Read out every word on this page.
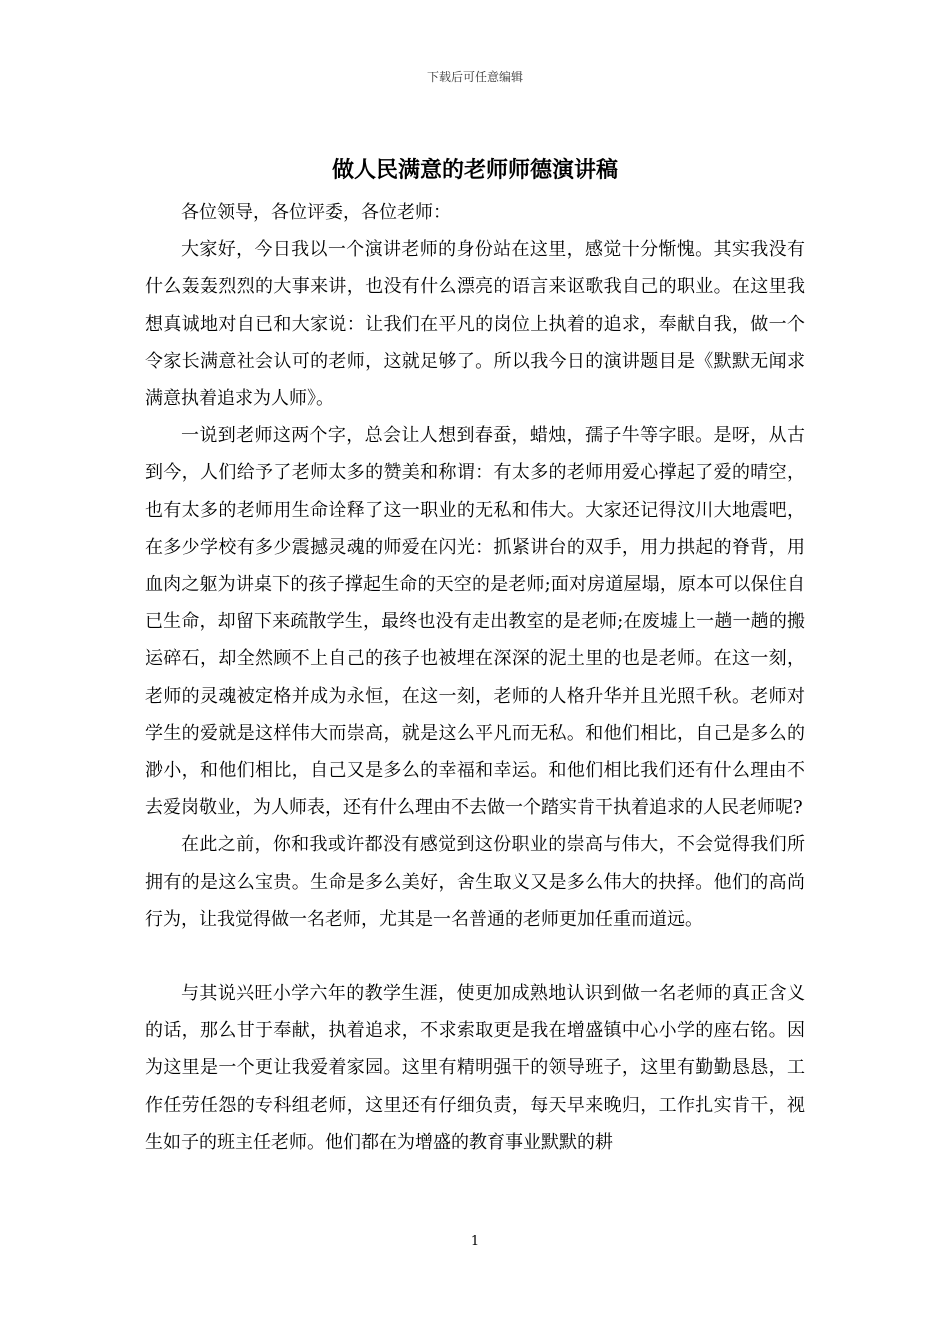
下载后可任意编辑
做人民满意的老师师德演讲稿

各位领导，各位评委，各位老师：

大家好，今日我以一个演讲老师的身份站在这里，感觉十分惭愧。其实我没有什么轰轰烈烈的大事来讲，也没有什么漂亮的语言来讴歌我自己的职业。在这里我想真诚地对自已和大家说：让我们在平凡的岗位上执着的追求，奉献自我，做一个令家长满意社会认可的老师，这就足够了。所以我今日的演讲题目是《默默无闻求满意执着追求为人师》。

一说到老师这两个字，总会让人想到春蚕，蜡烛，孺子牛等字眼。是呀，从古到今，人们给予了老师太多的赞美和称谓：有太多的老师用爱心撑起了爱的晴空，也有太多的老师用生命诠释了这一职业的无私和伟大。大家还记得汶川大地震吧，在多少学校有多少震撼灵魂的师爱在闪光：抓紧讲台的双手，用力拱起的脊背，用血肉之躯为讲桌下的孩子撑起生命的天空的是老师;面对房道屋塌，原本可以保住自已生命，却留下来疏散学生，最终也没有走出教室的是老师;在废墟上一趟一趟的搬运碎石，却全然顾不上自己的孩子也被埋在深深的泥土里的也是老师。在这一刻，老师的灵魂被定格并成为永恒，在这一刻，老师的人格升华并且光照千秋。老师对学生的爱就是这样伟大而崇高，就是这么平凡而无私。和他们相比，自己是多么的渺小，和他们相比，自己又是多么的幸福和幸运。和他们相比我们还有什么理由不去爱岗敬业，为人师表，还有什么理由不去做一个踏实肯干执着追求的人民老师呢?

在此之前，你和我或许都没有感觉到这份职业的崇高与伟大，不会觉得我们所拥有的是这么宝贵。生命是多么美好，舍生取义又是多么伟大的抉择。他们的高尚行为，让我觉得做一名老师，尤其是一名普通的老师更加任重而道远。

与其说兴旺小学六年的教学生涯，使更加成熟地认识到做一名老师的真正含义的话，那么甘于奉献，执着追求，不求索取更是我在增盛镇中心小学的座右铭。因为这里是一个更让我爱着家园。这里有精明强干的领导班子，这里有勤勤恳恳，工作任劳任怨的专科组老师，这里还有仔细负责，每天早来晚归，工作扎实肯干，视生如子的班主任老师。他们都在为增盛的教育事业默默的耕

1
